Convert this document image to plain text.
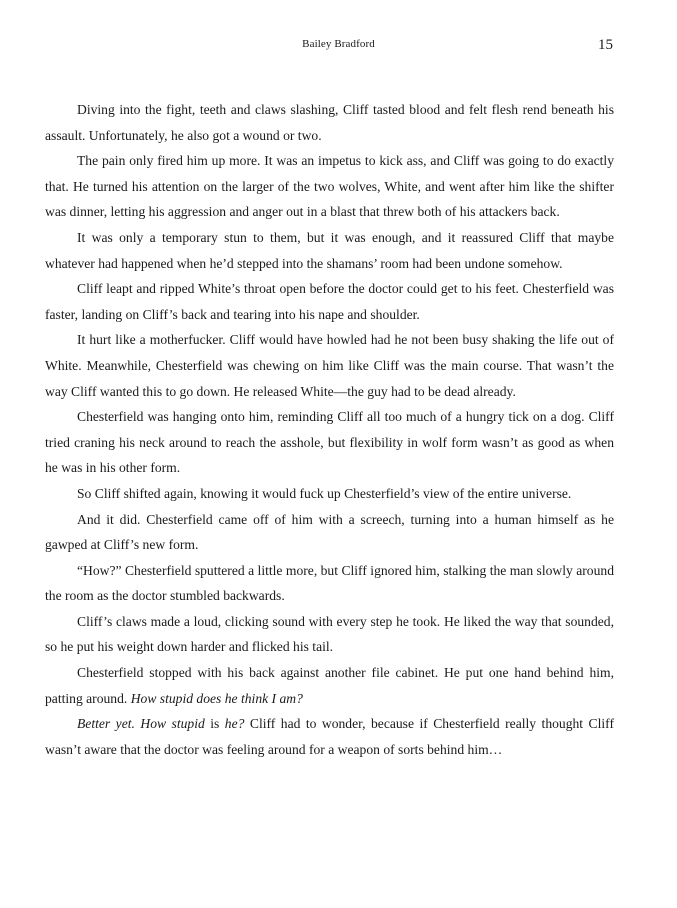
Bailey Bradford	15

Diving into the fight, teeth and claws slashing, Cliff tasted blood and felt flesh rend beneath his assault. Unfortunately, he also got a wound or two.

The pain only fired him up more. It was an impetus to kick ass, and Cliff was going to do exactly that. He turned his attention on the larger of the two wolves, White, and went after him like the shifter was dinner, letting his aggression and anger out in a blast that threw both of his attackers back.

It was only a temporary stun to them, but it was enough, and it reassured Cliff that maybe whatever had happened when he’d stepped into the shamans’ room had been undone somehow.

Cliff leapt and ripped White’s throat open before the doctor could get to his feet. Chesterfield was faster, landing on Cliff’s back and tearing into his nape and shoulder.

It hurt like a motherfucker. Cliff would have howled had he not been busy shaking the life out of White. Meanwhile, Chesterfield was chewing on him like Cliff was the main course. That wasn’t the way Cliff wanted this to go down. He released White—the guy had to be dead already.

Chesterfield was hanging onto him, reminding Cliff all too much of a hungry tick on a dog. Cliff tried craning his neck around to reach the asshole, but flexibility in wolf form wasn’t as good as when he was in his other form.

So Cliff shifted again, knowing it would fuck up Chesterfield’s view of the entire universe.

And it did. Chesterfield came off of him with a screech, turning into a human himself as he gawped at Cliff’s new form.

“How?” Chesterfield sputtered a little more, but Cliff ignored him, stalking the man slowly around the room as the doctor stumbled backwards.

Cliff’s claws made a loud, clicking sound with every step he took. He liked the way that sounded, so he put his weight down harder and flicked his tail.

Chesterfield stopped with his back against another file cabinet. He put one hand behind him, patting around. How stupid does he think I am?

Better yet. How stupid is he? Cliff had to wonder, because if Chesterfield really thought Cliff wasn’t aware that the doctor was feeling around for a weapon of sorts behind him…
